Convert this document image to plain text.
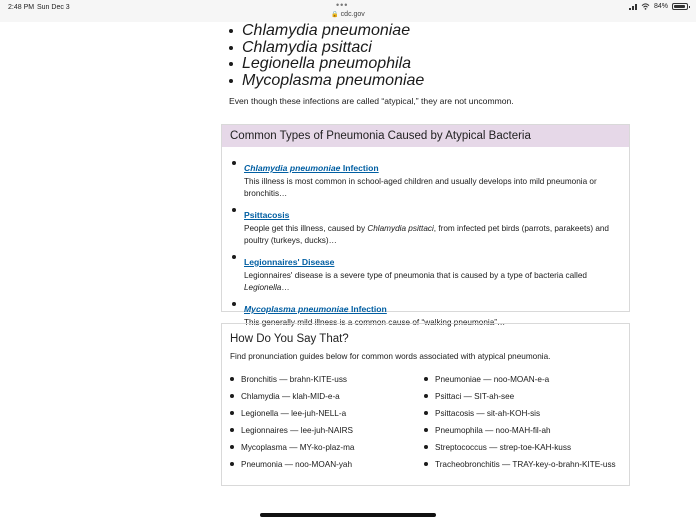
2:48 PM Sun Dec 3	•••
🔒 cdc.gov
84%
Chlamydia pneumoniae
Chlamydia psittaci
Legionella pneumophila
Mycoplasma pneumoniae
Even though these infections are called “atypical,” they are not uncommon.
Common Types of Pneumonia Caused by Atypical Bacteria
Chlamydia pneumoniae Infection
This illness is most common in school-aged children and usually develops into mild pneumonia or bronchitis…
Psittacosis
People get this illness, caused by Chlamydia psittaci, from infected pet birds (parrots, parakeets) and poultry (turkeys, ducks)…
Legionnaires' Disease
Legionnaires' disease is a severe type of pneumonia that is caused by a type of bacteria called Legionella…
Mycoplasma pneumoniae Infection
This generally mild illness is a common cause of “walking pneumonia”…
How Do You Say That?
Find pronunciation guides below for common words associated with atypical pneumonia.
Bronchitis — brahn-KITE-uss
Chlamydia — klah-MID-e-a
Legionella — lee-juh-NELL-a
Legionnaires — lee-juh-NAIRS
Mycoplasma — MY-ko-plaz-ma
Pneumonia — noo-MOAN-yah
Pneumoniae — noo-MOAN-e-a
Psittaci — SIT-ah-see
Psittacosis — sit-ah-KOH-sis
Pneumophila — noo-MAH-fil-ah
Streptococcus — strep-toe-KAH-kuss
Tracheobronchitis — TRAY-key-o-brahn-KITE-uss
